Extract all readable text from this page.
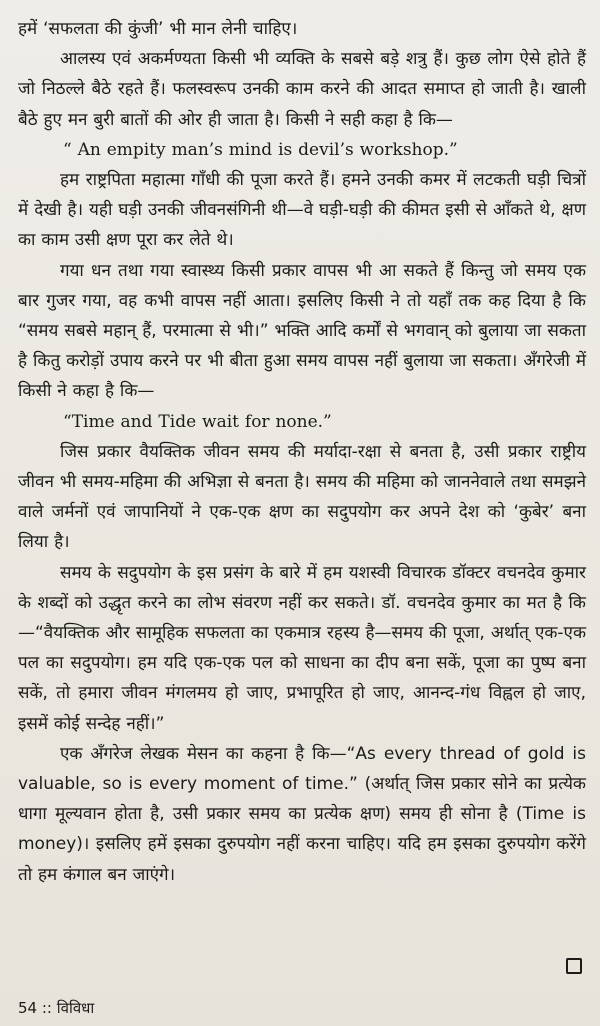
हमें ‘सफलता की कुंजी’ भी मान लेनी चाहिए।

आलस्य एवं अकर्मण्यता किसी भी व्यक्ति के सबसे बड़े शत्रु हैं। कुछ लोग ऐसे होते हैं जो निठल्ले बैठे रहते हैं। फलस्वरूप उनकी काम करने की आदत समाप्त हो जाती है। खाली बैठे हुए मन बुरी बातों की ओर ही जाता है। किसी ने सही कहा है कि—

“ An empity man’s mind is devil’s workshop.”

हम राष्ट्रपिता महात्मा गाँधी की पूजा करते हैं। हमने उनकी कमर में लटकती घड़ी चित्रों में देखी है। यही घड़ी उनकी जीवनसंगिनी थी—वे घड़ी-घड़ी की कीमत इसी से आँकते थे, क्षण का काम उसी क्षण पूरा कर लेते थे।

गया धन तथा गया स्वास्थ्य किसी प्रकार वापस भी आ सकते हैं किन्तु जो समय एक बार गुजर गया, वह कभी वापस नहीं आता। इसलिए किसी ने तो यहाँ तक कह दिया है कि “समय सबसे महान् हैं, परमात्मा से भी।” भक्ति आदि कर्मों से भगवान् को बुलाया जा सकता है कितु करोड़ों उपाय करने पर भी बीता हुआ समय वापस नहीं बुलाया जा सकता। अँगरेजी में किसी ने कहा है कि—

“Time and Tide wait for none.”

जिस प्रकार वैयक्तिक जीवन समय की मर्यादा-रक्षा से बनता है, उसी प्रकार राष्ट्रीय जीवन भी समय-महिमा की अभिज्ञा से बनता है। समय की महिमा को जाननेवाले तथा समझने वाले जर्मनों एवं जापानियों ने एक-एक क्षण का सदुपयोग कर अपने देश को ‘कुबेर’ बना लिया है।

समय के सदुपयोग के इस प्रसंग के बारे में हम यशस्वी विचारक डॉक्टर वचनदेव कुमार के शब्दों को उद्धृत करने का लोभ संवरण नहीं कर सकते। डॉ. वचनदेव कुमार का मत है कि—“वैयक्तिक और सामूहिक सफलता का एकमात्र रहस्य है—समय की पूजा, अर्थात् एक-एक पल का सदुपयोग। हम यदि एक-एक पल को साधना का दीप बना सकें, पूजा का पुष्प बना सकें, तो हमारा जीवन मंगलमय हो जाए, प्रभापूरित हो जाए, आनन्द-गंध विह्वल हो जाए, इसमें कोई सन्देह नहीं।”

एक अँगरेज लेखक मेसन का कहना है कि—“As every thread of gold is valuable, so is every moment of time.” (अर्थात् जिस प्रकार सोने का प्रत्येक धागा मूल्यवान होता है, उसी प्रकार समय का प्रत्येक क्षण) समय ही सोना है (Time is money)। इसलिए हमें इसका दुरुपयोग नहीं करना चाहिए। यदि हम इसका दुरुपयोग करेंगे तो हम कंगाल बन जाएंगे।

54 :: विविधा
